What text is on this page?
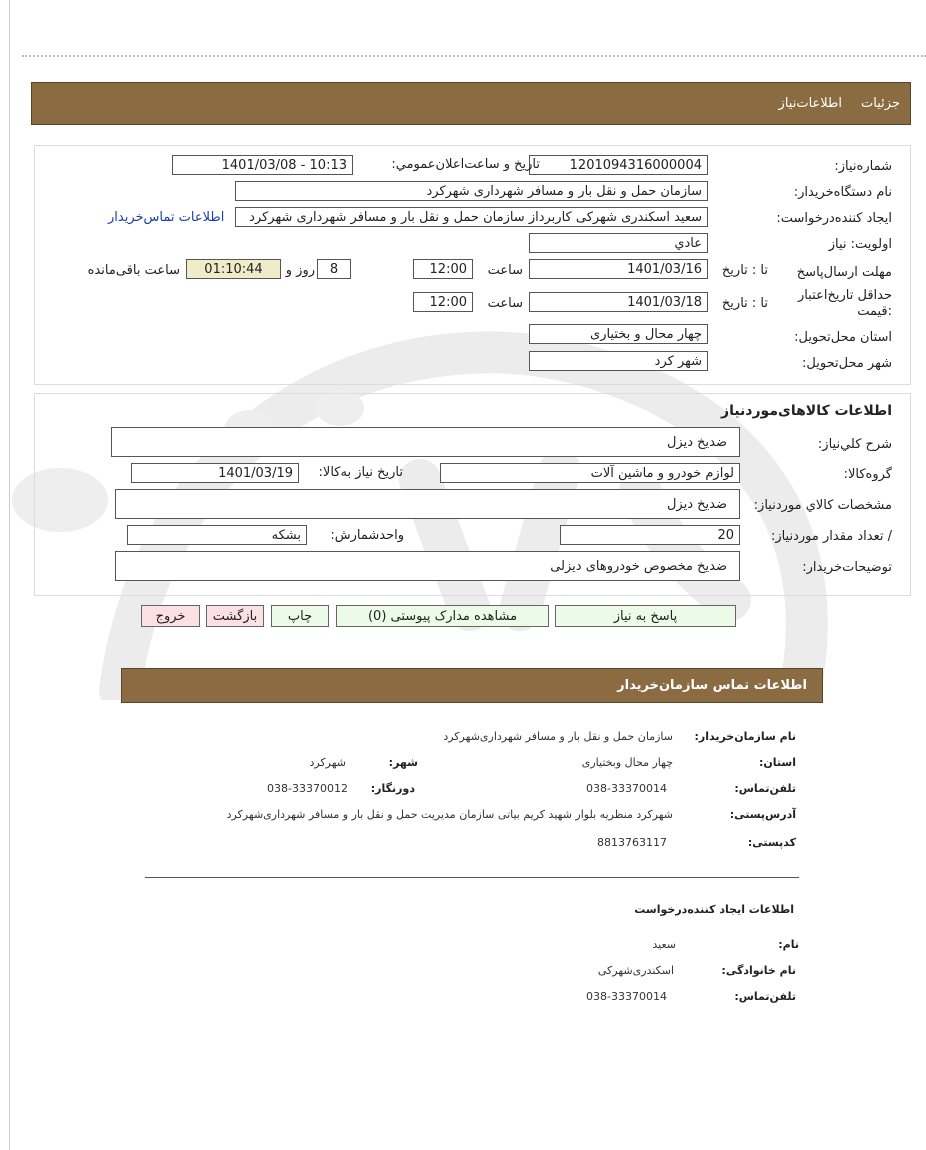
جزئیات
اطلاعات‌نیاز
شماره‌نیاز:
1201094316000004
تاريخ و ساعت‌اعلان‌عمومي:
1401/03/08 - 10:13
نام دستگاه‌خریدار:
سازمان حمل و نقل بار و مسافر شهرداری شهرکرد
ایجاد کننده‌درخواست:
سعید اسکندری شهرکی کاربرداز سازمان حمل و نقل بار و مسافر شهرداری شهرکرد
اطلاعات تماس‌خریدار
اولویت: نیاز
عادي
مهلت ارسال‌پاسخ
تا : تاریخ
1401/03/16
ساعت
12:00
8
روز و
01:10:44
ساعت باقی‌مانده
حداقل تاریخ‌اعتبار
:قیمت
تا : تاریخ
1401/03/18
ساعت
12:00
استان محل‌تحویل:
چهار محال و بختیاری
شهر محل‌تحویل:
شهر کرد
اطلاعات کالاهای‌موردنیاز
شرح کلي‌نیاز:
ضدیخ دیزل
گروه‌کالا:
لوازم خودرو و ماشین آلات
تاریخ نیاز به‌کالا:
1401/03/19
مشخصات کالاي مورد‌نیاز:
ضدیخ دیزل
/ تعداد مقدار مورد‌نیاز:
20
واحد‌شمارش:
بشکه
توضیحات‌خریدار:
ضدیخ مخصوص خودروهای دیزلی
پاسخ به نیاز
مشاهده مدارک پیوستی (0)
چاپ
بازگشت
خروج
اطلاعات تماس سازمان‌خریدار
نام سازمان‌خریدار:
سازمان حمل و نقل بار و مسافر شهرداری‌شهرکرد
استان:
چهار محال وبختیاری
شهر:
شهرکرد
تلفن‌تماس:
038-33370014
دورنگار:
038-33370012
آدرس‌پستی:
شهرکرد منظریه بلوار شهید کریم بیاتی سازمان مدیریت حمل و نقل بار و مسافر شهرداری‌شهرکرد
کد‌پستی:
8813763117
اطلاعات ایجاد کننده‌درخواست
نام:
سعید
نام خانوادگی:
اسکندری‌شهرکی
تلفن‌تماس:
038-33370014
